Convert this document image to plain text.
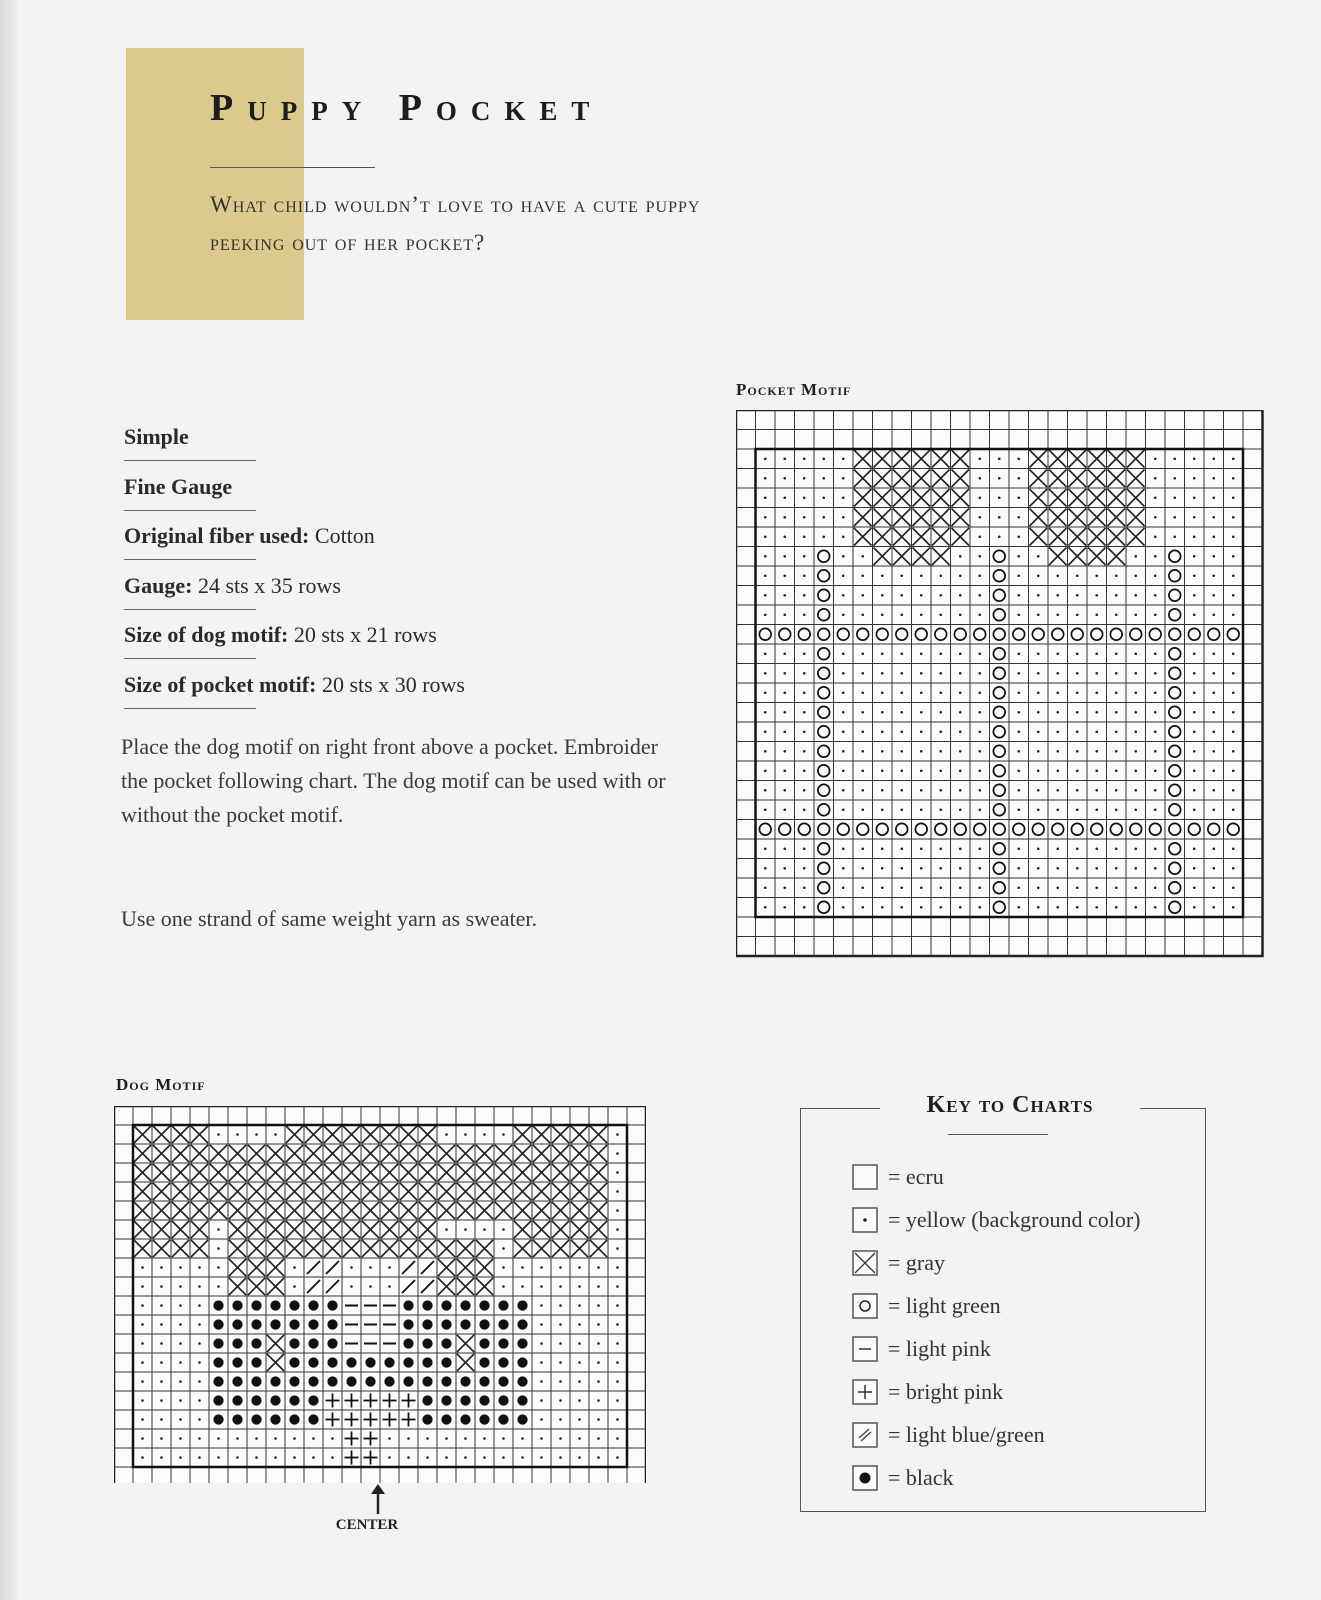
Puppy Pocket

What child wouldn’t love to have a cute puppy
peeking out of her pocket?

Simple
Fine Gauge
Original fiber used: Cotton
Gauge: 24 sts x 35 rows
Size of dog motif: 20 sts x 21 rows
Size of pocket motif: 20 sts x 30 rows

Place the dog motif on right front above a pocket. Embroider the pocket following chart. The dog motif can be used with or without the pocket motif.

Use one strand of same weight yarn as sweater.

Pocket Motif

Dog Motif

CENTER

Key to Charts

= ecru
= yellow (background color)
= gray
= light green
= light pink
= bright pink
= light blue/green
= black
